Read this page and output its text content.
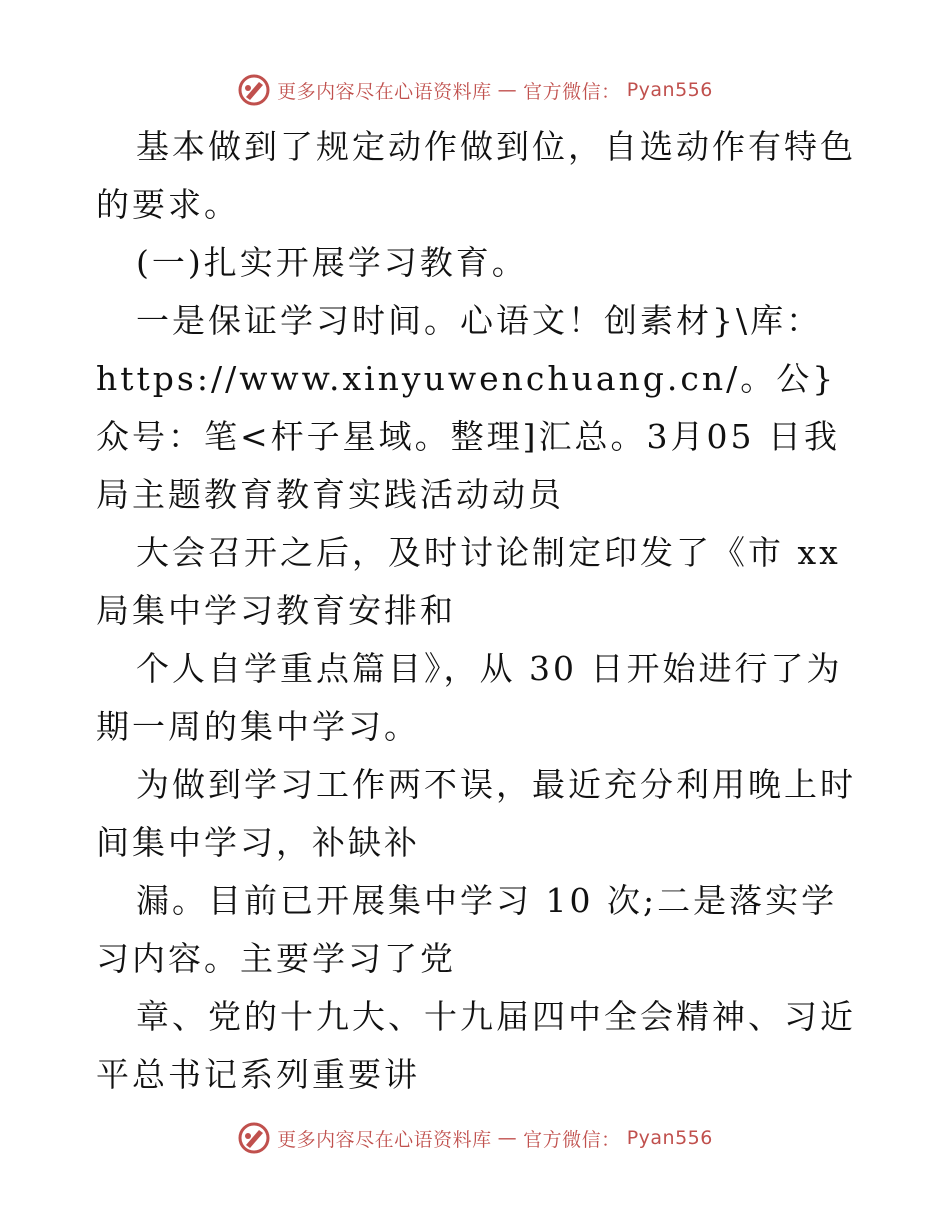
更多内容尽在心语资料库 — 官方微信： Pyan556

基本做到了规定动作做到位，自选动作有特色的要求。

(一)扎实开展学习教育。

一是保证学习时间。心语文！创素材}\库：

https://www.xinyuwenchuang.cn/。公}众号：笔<杆子星域。整理]汇总。3月05 日我局主题教育教育实践活动动员

大会召开之后，及时讨论制定印发了《市 xx 局集中学习教育安排和

个人自学重点篇目》，从 30 日开始进行了为期一周的集中学习。

为做到学习工作两不误，最近充分利用晚上时间集中学习，补缺补

漏。目前已开展集中学习 10 次;二是落实学习内容。主要学习了党

章、党的十九大、十九届四中全会精神、习近平总书记系列重要讲

更多内容尽在心语资料库 — 官方微信： Pyan556
